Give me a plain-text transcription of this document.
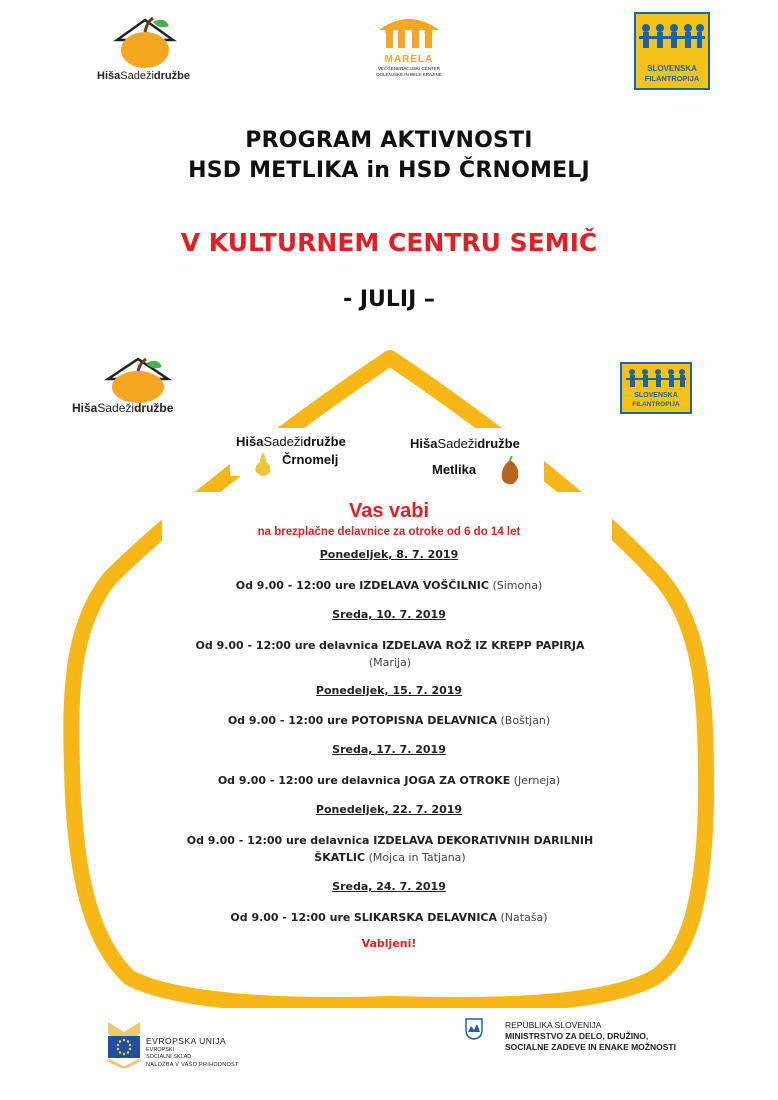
HišaSadežidružbe
MARELA
VEČGENERACIJSKI CENTER
DOLENJSKE IN BELE KRAJINE
SLOVENSKA
FILANTROPIJA
PROGRAM AKTIVNOSTI
HSD METLIKA in HSD ČRNOMELJ
V KULTURNEM CENTRU SEMIČ
- JULIJ –
HišaSadežidružbe
SLOVENSKA
FILANTROPIJA
HišaSadežidružbe
Črnomelj
HišaSadežidružbe
Metlika
Vas vabi
na brezplačne delavnice za otroke od 6 do 14 let
Ponedeljek, 8. 7. 2019
Od 9.00 - 12:00 ure IZDELAVA VOŠČILNIC (Simona)
Sreda, 10. 7. 2019
Od 9.00 - 12:00 ure delavnica IZDELAVA ROŽ IZ KREPP PAPIRJA
(Marija)
Ponedeljek, 15. 7. 2019
Od 9.00 - 12:00 ure POTOPISNA DELAVNICA (Boštjan)
Sreda, 17. 7. 2019
Od 9.00 - 12:00 ure delavnica JOGA ZA OTROKE (Jerneja)
Ponedeljek, 22. 7. 2019
Od 9.00 - 12:00 ure delavnica IZDELAVA DEKORATIVNIH DARILNIH ŠKATLIC (Mojca in Tatjana)
Sreda, 24. 7. 2019
Od 9.00 - 12:00 ure SLIKARSKA DELAVNICA (Nataša)
Vabljeni!
EVROPSKA UNIJA
EVROPSKI
SOCIALNI SKLAD
NALOŽBA V VAŠO PRIHODNOST
REPUBLIKA SLOVENIJA
MINISTRSTVO ZA DELO, DRUŽINO,
SOCIALNE ZADEVE IN ENAKE MOŽNOSTI
